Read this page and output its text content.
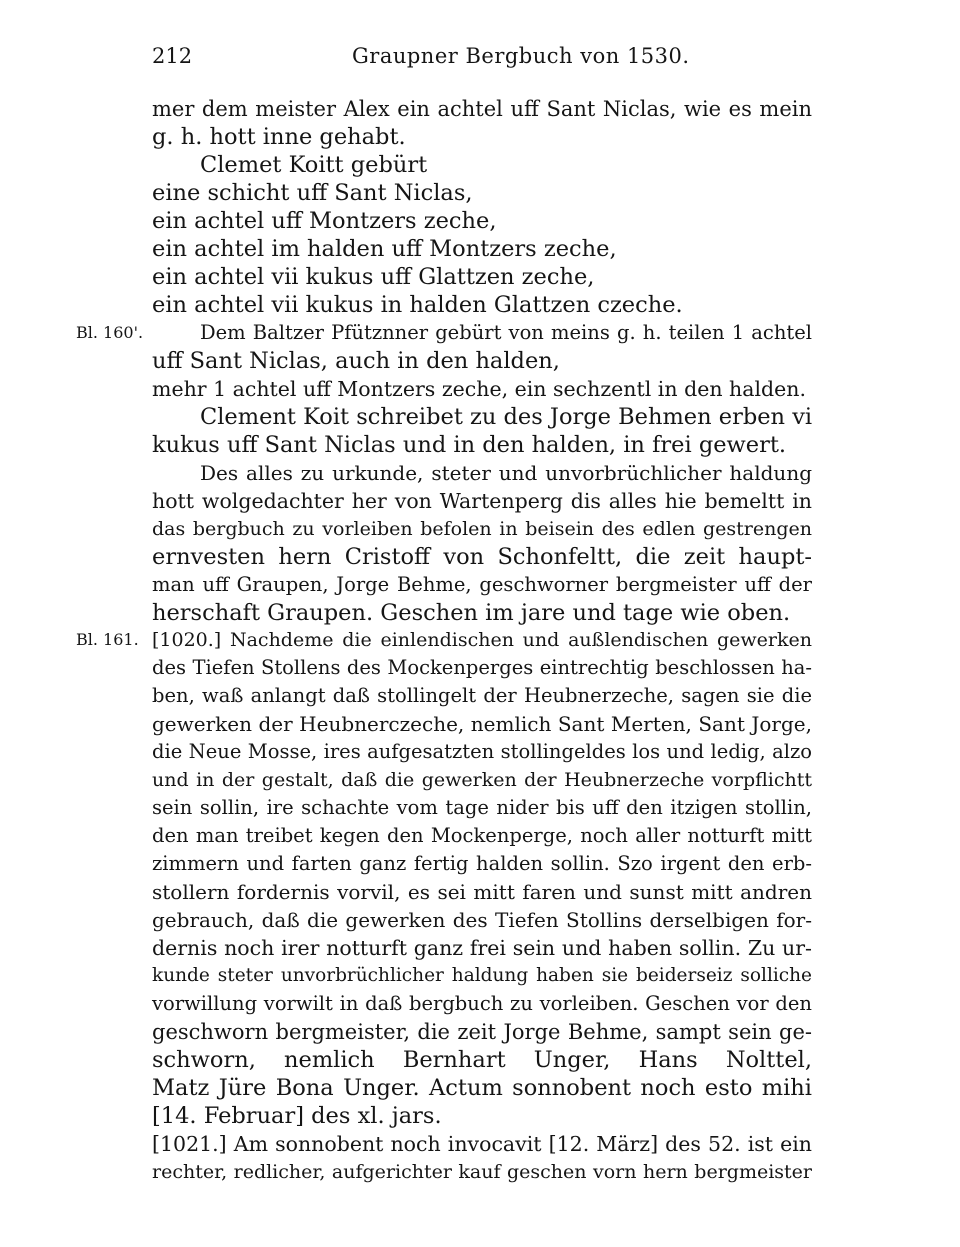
212	Graupner Bergbuch von 1530.
Bl. 160'.
Bl. 161.
mer dem meister Alex ein achtel uff Sant Niclas, wie es mein
g. h. hott inne gehabt.
Clemet Koitt gebürt
eine schicht uff Sant Niclas,
ein achtel uff Montzers zeche,
ein achtel im halden uff Montzers zeche,
ein achtel vii kukus uff Glattzen zeche,
ein achtel vii kukus in halden Glattzen czeche.
Dem Baltzer Pfütznner gebürt von meins g. h. teilen 1 achtel
uff Sant Niclas, auch in den halden,
mehr 1 achtel uff Montzers zeche, ein sechzentl in den halden.
Clement Koit schreibet zu des Jorge Behmen erben vi
kukus uff Sant Niclas und in den halden, in frei gewert.
Des alles zu urkunde, steter und unvorbrüchlicher haldung
hott wolgedachter her von Wartenperg dis alles hie bemeltt in
das bergbuch zu vorleiben befolen in beisein des edlen gestrengen
ernvesten hern Cristoff von Schonfeltt, die zeit haupt-
man uff Graupen, Jorge Behme, geschworner bergmeister uff der
herschaft Graupen. Geschen im jare und tage wie oben.
[1020.] Nachdeme die einlendischen und außlendischen gewerken
des Tiefen Stollens des Mockenperges eintrechtig beschlossen ha-
ben, waß anlangt daß stollingelt der Heubnerzeche, sagen sie die
gewerken der Heubnerczeche, nemlich Sant Merten, Sant Jorge,
die Neue Mosse, ires aufgesatzten stollingeldes los und ledig, alzo
und in der gestalt, daß die gewerken der Heubnerzeche vorpflichtt
sein sollin, ire schachte vom tage nider bis uff den itzigen stollin,
den man treibet kegen den Mockenperge, noch aller notturft mitt
zimmern und farten ganz fertig halden sollin. Szo irgent den erb-
stollern fordernis vorvil, es sei mitt faren und sunst mitt andren
gebrauch, daß die gewerken des Tiefen Stollins derselbigen for-
dernis noch irer notturft ganz frei sein und haben sollin. Zu ur-
kunde steter unvorbrüchlicher haldung haben sie beiderseiz solliche
vorwillung vorwilt in daß bergbuch zu vorleiben. Geschen vor den
geschworn bergmeister, die zeit Jorge Behme, sampt sein ge-
schworn, nemlich Bernhart Unger, Hans Nolttel,
Matz Jüre Bona Unger. Actum sonnobent noch esto mihi
[14. Februar] des xl. jars.
[1021.] Am sonnobent noch invocavit [12. März] des 52. ist ein
rechter, redlicher, aufgerichter kauf geschen vorn hern bergmeister
